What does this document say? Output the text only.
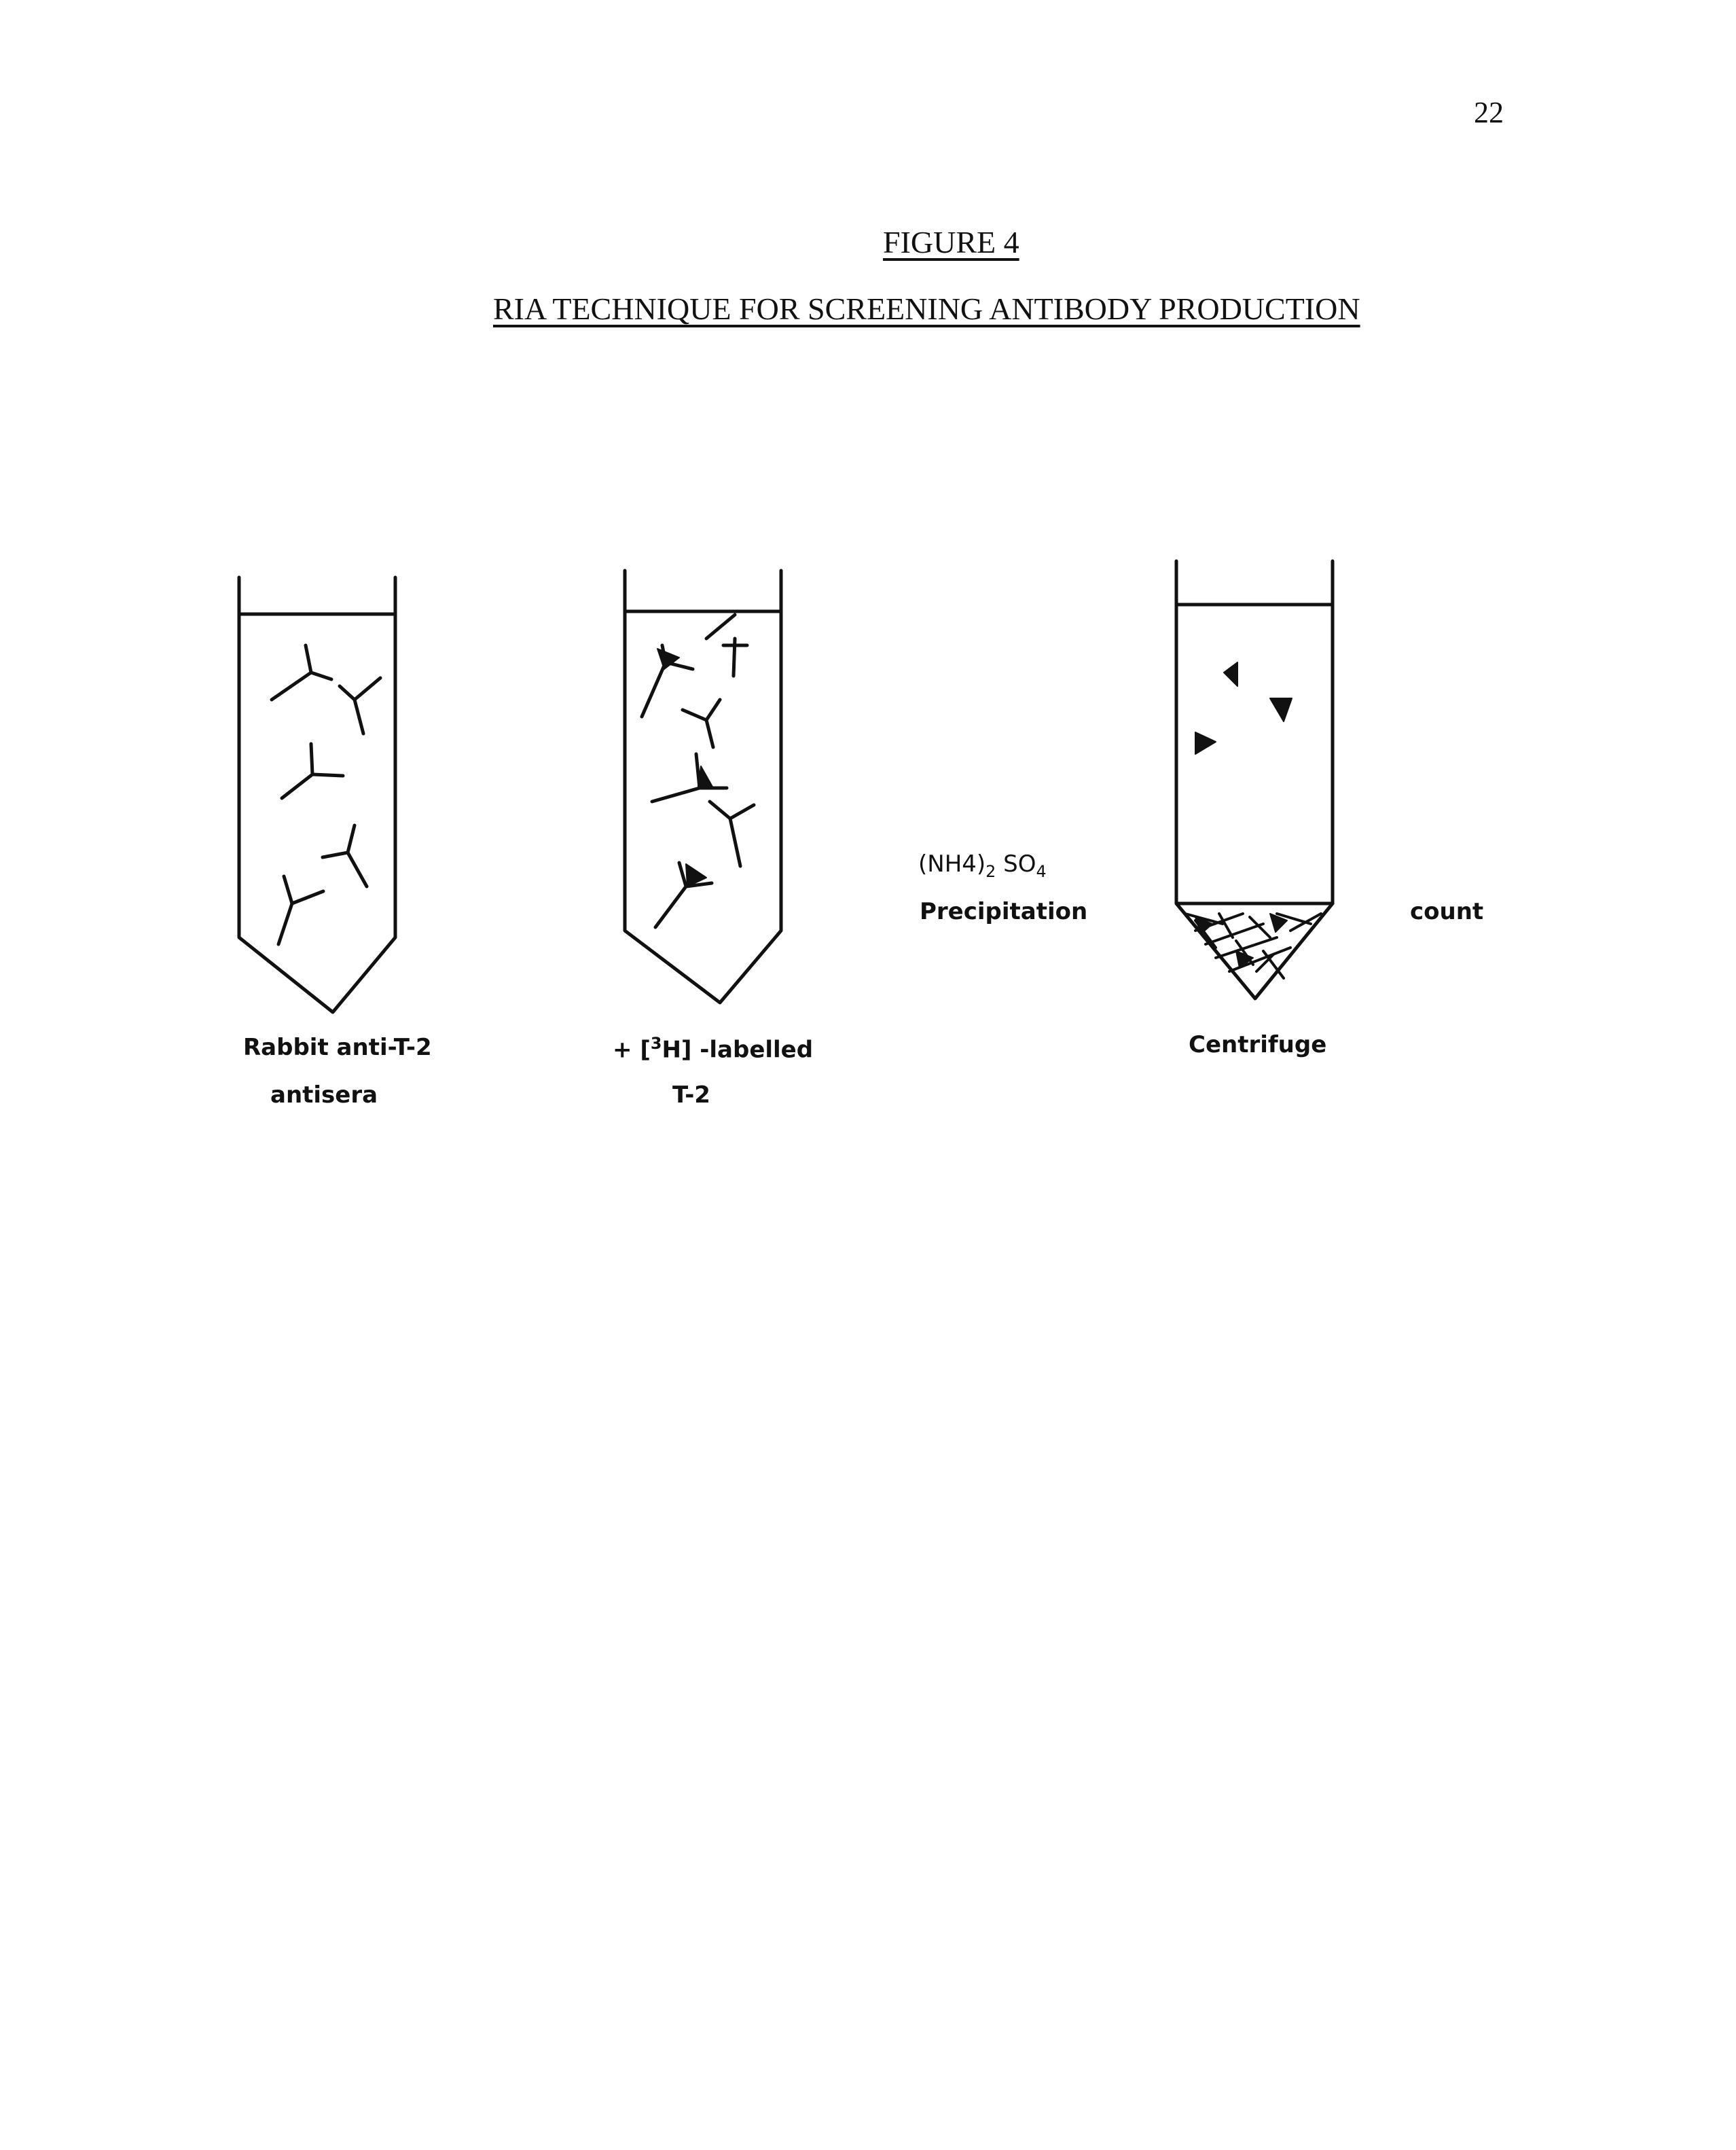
22
FIGURE 4
RIA TECHNIQUE FOR SCREENING ANTIBODY PRODUCTION
Rabbit anti-T-2
antisera
+ [$^3$H] -labelled
T-2
$(NH4)_2$ $SO_4$
Precipitation
Centrifuge
count
